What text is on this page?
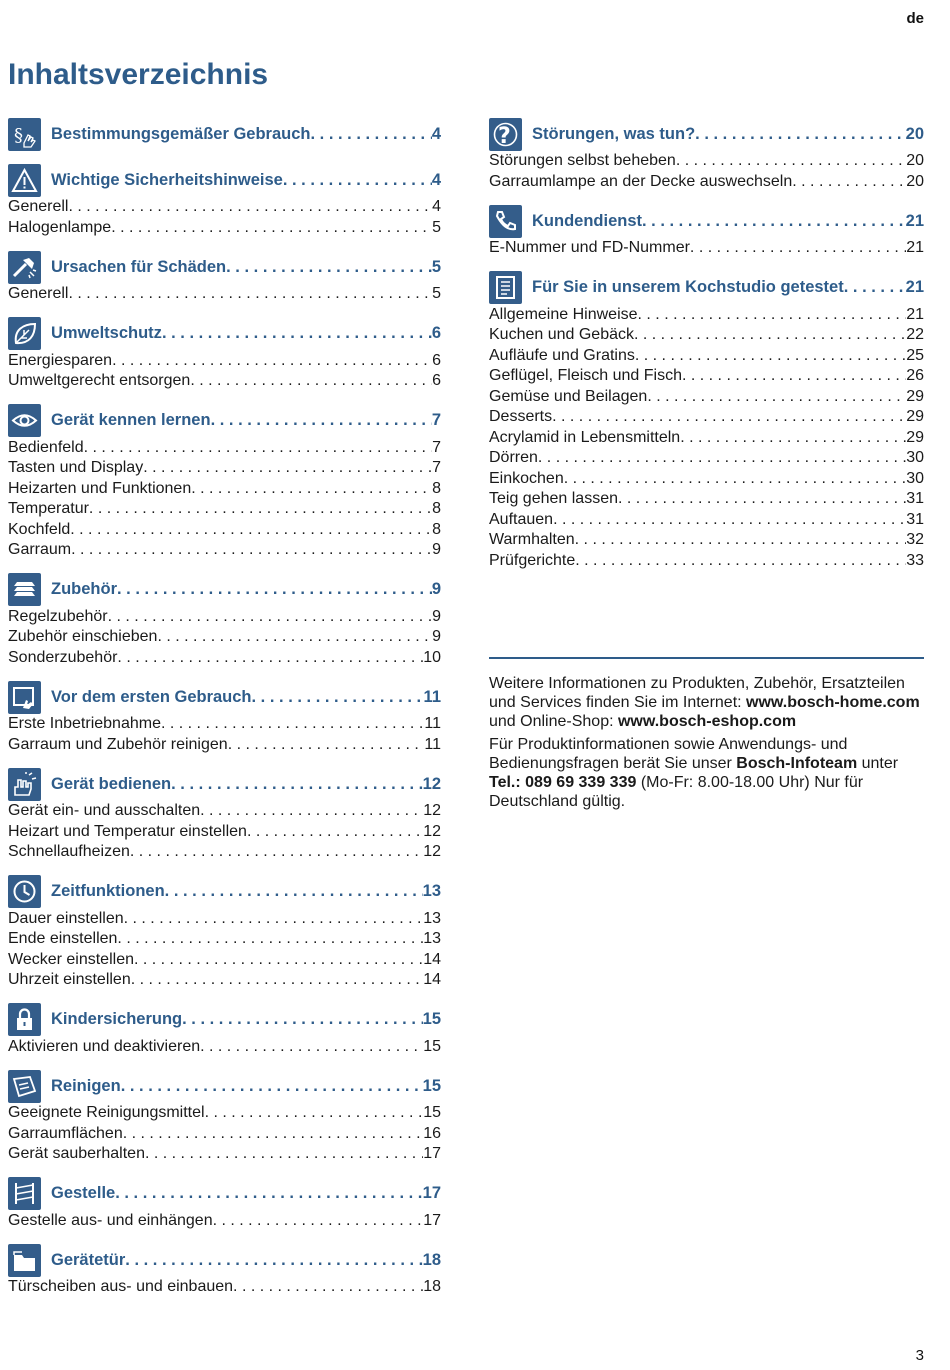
de
Inhaltsverzeichnis
§ Bestimmungsgemäßer Gebrauch . . .	4
Wichtige Sicherheitshinweise . . .	4
Generell . . .	4
Halogenlampe . . .	5
Ursachen für Schäden . . .	5
Generell . . .	5
Umweltschutz . . .	6
Energiesparen . . .	6
Umweltgerecht entsorgen . . .	6
Gerät kennen lernen . . .	7
Bedienfeld . . .	7
Tasten und Display . . .	7
Heizarten und Funktionen . . .	8
Temperatur . . .	8
Kochfeld . . .	8
Garraum . . .	9
Zubehör . . .	9
Regelzubehör . . .	9
Zubehör einschieben . . .	9
Sonderzubehör . . .	10
Vor dem ersten Gebrauch . . .	11
Erste Inbetriebnahme . . .	11
Garraum und Zubehör reinigen . . .	11
Gerät bedienen . . .	12
Gerät ein- und ausschalten . . .	12
Heizart und Temperatur einstellen . . .	12
Schnellaufheizen . . .	12
Zeitfunktionen . . .	13
Dauer einstellen . . .	13
Ende einstellen . . .	13
Wecker einstellen . . .	14
Uhrzeit einstellen . . .	14
Kindersicherung . . .	15
Aktivieren und deaktivieren . . .	15
Reinigen . . .	15
Geeignete Reinigungsmittel . . .	15
Garraumflächen . . .	16
Gerät sauberhalten . . .	17
Gestelle . . .	17
Gestelle aus- und einhängen . . .	17
Gerätetür . . .	18
Türscheiben aus- und einbauen . . .	18
? Störungen, was tun? . . .	20
Störungen selbst beheben . . .	20
Garraumlampe an der Decke auswechseln . . .	20
Kundendienst . . .	21
E-Nummer und FD-Nummer . . .	21
Für Sie in unserem Kochstudio getestet . . .	21
Allgemeine Hinweise . . .	21
Kuchen und Gebäck . . .	22
Aufläufe und Gratins . . .	25
Geflügel, Fleisch und Fisch . . .	26
Gemüse und Beilagen . . .	29
Desserts . . .	29
Acrylamid in Lebensmitteln . . .	29
Dörren . . .	30
Einkochen . . .	30
Teig gehen lassen . . .	31
Auftauen . . .	31
Warmhalten . . .	32
Prüfgerichte . . .	33

Weitere Informationen zu Produkten, Zubehör, Ersatzteilen und Services finden Sie im Internet: www.bosch-home.com und Online-Shop: www.bosch-eshop.com

Für Produktinformationen sowie Anwendungs- und Bedienungsfragen berät Sie unser Bosch-Infoteam unter Tel.: 089 69 339 339 (Mo-Fr: 8.00-18.00 Uhr) Nur für Deutschland gültig.

3
